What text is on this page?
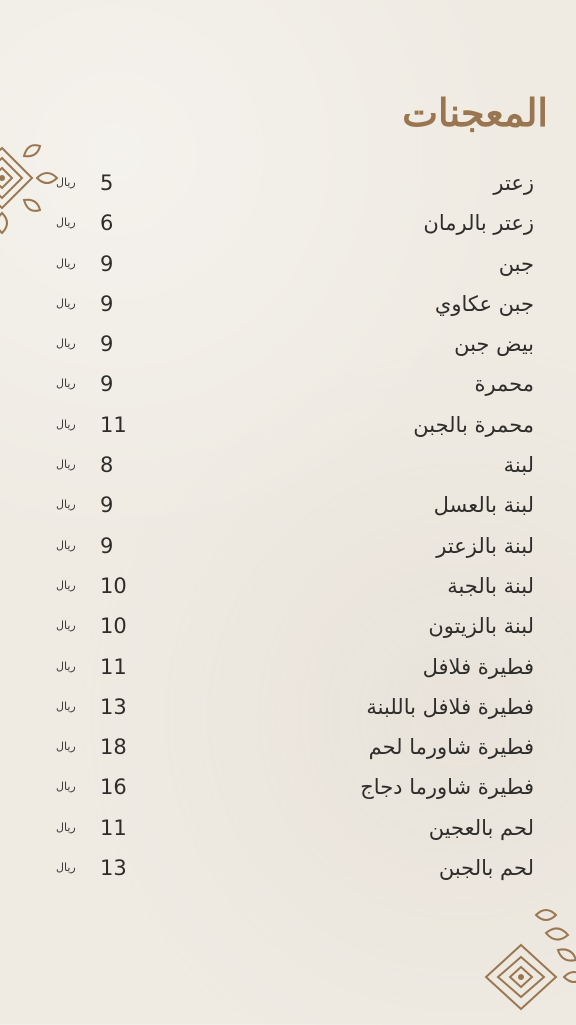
المعجنات
زعتر
5
ريال
زعتر بالرمان
6
ريال
جبن
9
ريال
جبن عكاوي
9
ريال
بيض جبن
9
ريال
محمرة
9
ريال
محمرة بالجبن
11
ريال
لبنة
8
ريال
لبنة بالعسل
9
ريال
لبنة بالزعتر
9
ريال
لبنة بالجبة
10
ريال
لبنة بالزيتون
10
ريال
فطيرة فلافل
11
ريال
فطيرة فلافل باللبنة
13
ريال
فطيرة شاورما لحم
18
ريال
فطيرة شاورما دجاج
16
ريال
لحم بالعجين
11
ريال
لحم بالجبن
13
ريال
